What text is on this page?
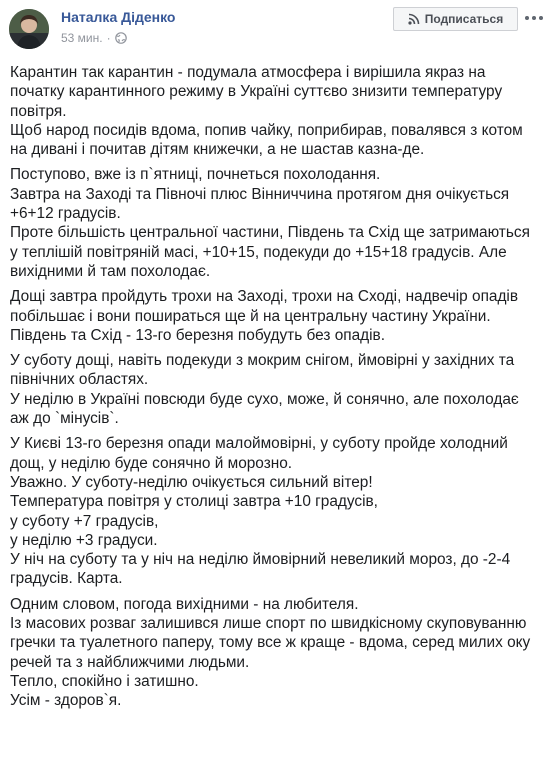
Наталка Діденко
53 мин. ·
Подписаться

Карантин так карантин - подумала атмосфера і вирішила якраз на
початку карантинного режиму в Україні суттєво знизити температуру
повітря.
Щоб народ посидів вдома, попив чайку, поприбирав, повалявся з котом
на дивані і почитав дітям книжечки, а не шастав казна-де.

Поступово, вже із п`ятниці, почнеться похолодання.
Завтра на Заході та Півночі плюс Вінниччина протягом дня очікується
+6+12 градусів.
Проте більшість центральної частини, Південь та Схід ще затримаються
у теплішій повітряній масі, +10+15, подекуди до +15+18 градусів. Але
вихідними й там похолодає.

Дощі завтра пройдуть трохи на Заході, трохи на Сході, надвечір опадів
побільшає і вони пошираться ще й на центральну частину України.
Південь та Схід - 13-го березня побудуть без опадів.

У суботу дощі, навіть подекуди з мокрим снігом, ймовірні у західних та
північних областях.
У неділю в Україні повсюди буде сухо, може, й сонячно, але похолодає
аж до `мінусів`.

У Києві 13-го березня опади малоймовірні, у суботу пройде холодний
дощ, у неділю буде сонячно й морозно.
Уважно. У суботу-неділю очікується сильний вітер!
Температура повітря у столиці завтра +10 градусів,
у суботу +7 градусів,
у неділю +3 градуси.
У ніч на суботу та у ніч на неділю ймовірний невеликий мороз, до -2-4
градусів. Карта.

Одним словом, погода вихідними - на любителя.
Із масових розваг залишився лише спорт по швидкісному скуповуванню
гречки та туалетного паперу, тому все ж краще - вдома, серед милих оку
речей та з найближчими людьми.
Тепло, спокійно і затишно.
Усім - здоров`я.
